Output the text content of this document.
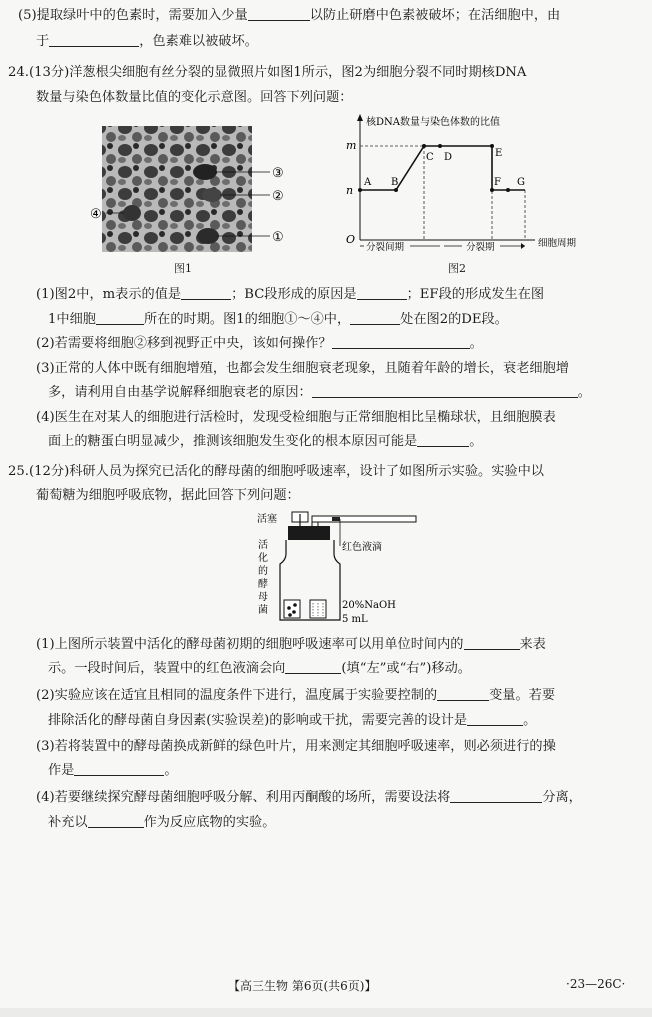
(5)提取绿叶中的色素时，需要加入少量	以防止研磨中色素被破坏；在活细胞中，由
于	，色素难以被破坏。
24.(13分)洋葱根尖细胞有丝分裂的显微照片如图1所示，图2为细胞分裂不同时期核DNA
数量与染色体数量比值的变化示意图。回答下列问题：
③
②
①
④
图1
核DNA数量与染色体数的比值
m
n
O
A B
C D	E
F G
分裂间期	分裂期	细胞周期
图2
(1)图2中，m表示的值是	；BC段形成的原因是	；EF段的形成发生在图
1中细胞	所在的时期。图1的细胞①～④中，	处在图2的DE段。
(2)若需要将细胞②移到视野正中央，该如何操作？	。
(3)正常的人体中既有细胞增殖，也都会发生细胞衰老现象，且随着年龄的增长，衰老细胞增
多，请利用自由基学说解释细胞衰老的原因：	。
(4)医生在对某人的细胞进行活检时，发现受检细胞与正常细胞相比呈椭球状，且细胞膜表
面上的糖蛋白明显减少，推测该细胞发生变化的根本原因可能是	。
25.(12分)科研人员为探究已活化的酵母菌的细胞呼吸速率，设计了如图所示实验。实验中以
葡萄糖为细胞呼吸底物，据此回答下列问题：
活塞
红色液滴
活
化
的
酵
母
菌	20%NaOH
5 mL
(1)上图所示装置中活化的酵母菌初期的细胞呼吸速率可以用单位时间内的	来表
示。一段时间后，装置中的红色液滴会向	(填“左”或“右”)移动。
(2)实验应该在适宜且相同的温度条件下进行，温度属于实验要控制的	变量。若要
排除活化的酵母菌自身因素(实验误差)的影响或干扰，需要完善的设计是	。
(3)若将装置中的酵母菌换成新鲜的绿色叶片，用来测定其细胞呼吸速率，则必须进行的操
作是	。
(4)若要继续探究酵母菌细胞呼吸分解、利用丙酮酸的场所，需要设法将	分离，
补充以	作为反应底物的实验。
【高三生物 第6页(共6页)】	·23—26C·
